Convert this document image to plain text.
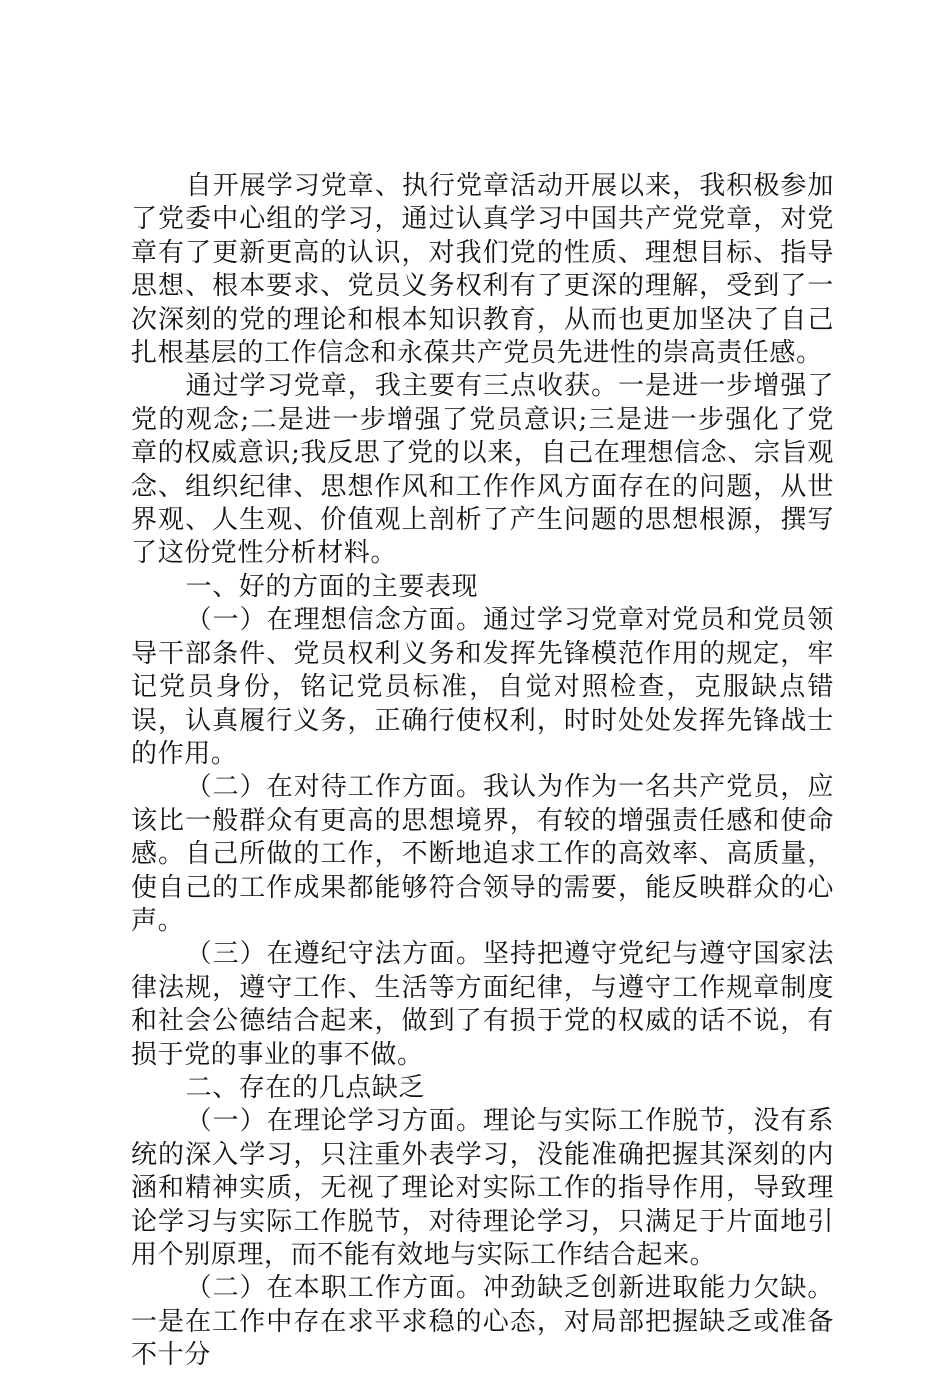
自开展学习党章、执行党章活动开展以来，我积极参加了党委中心组的学习，通过认真学习中国共产党党章，对党章有了更新更高的认识，对我们党的性质、理想目标、指导思想、根本要求、党员义务权利有了更深的理解，受到了一次深刻的党的理论和根本知识教育，从而也更加坚决了自己扎根基层的工作信念和永葆共产党员先进性的崇高责任感。

通过学习党章，我主要有三点收获。一是进一步增强了党的观念;二是进一步增强了党员意识;三是进一步强化了党章的权威意识;我反思了党的以来，自己在理想信念、宗旨观念、组织纪律、思想作风和工作作风方面存在的问题，从世界观、人生观、价值观上剖析了产生问题的思想根源，撰写了这份党性分析材料。

一、好的方面的主要表现

（一）在理想信念方面。通过学习党章对党员和党员领导干部条件、党员权利义务和发挥先锋模范作用的规定，牢记党员身份，铭记党员标准，自觉对照检查，克服缺点错误，认真履行义务，正确行使权利，时时处处发挥先锋战士的作用。

（二）在对待工作方面。我认为作为一名共产党员，应该比一般群众有更高的思想境界，有较的增强责任感和使命感。自己所做的工作，不断地追求工作的高效率、高质量，使自己的工作成果都能够符合领导的需要，能反映群众的心声。

（三）在遵纪守法方面。坚持把遵守党纪与遵守国家法律法规，遵守工作、生活等方面纪律，与遵守工作规章制度和社会公德结合起来，做到了有损于党的权威的话不说，有损于党的事业的事不做。

二、存在的几点缺乏

（一）在理论学习方面。理论与实际工作脱节，没有系统的深入学习，只注重外表学习，没能准确把握其深刻的内涵和精神实质，无视了理论对实际工作的指导作用，导致理论学习与实际工作脱节，对待理论学习，只满足于片面地引用个别原理，而不能有效地与实际工作结合起来。

（二）在本职工作方面。冲劲缺乏创新进取能力欠缺。一是在工作中存在求平求稳的心态，对局部把握缺乏或准备不十分
